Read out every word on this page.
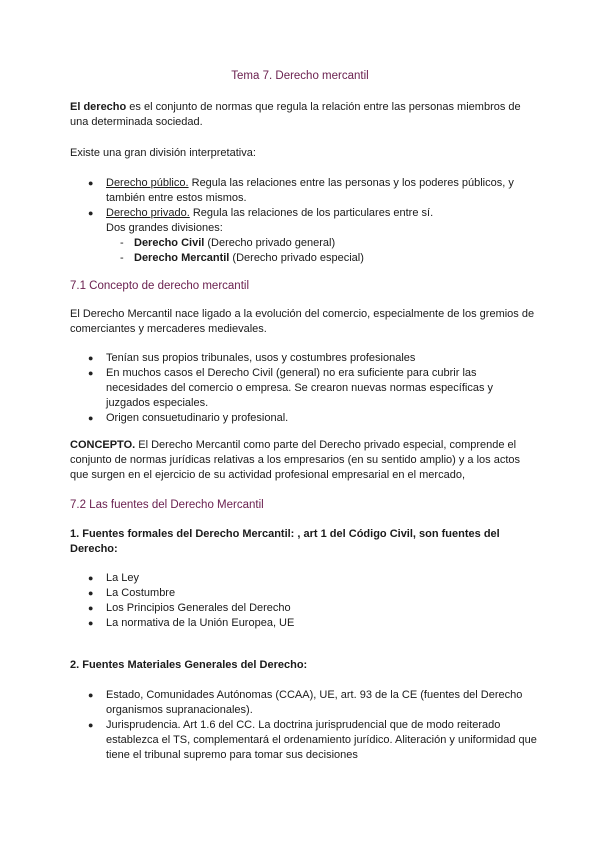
Tema 7. Derecho mercantil

El derecho es el conjunto de normas que regula la relación entre las personas miembros de una determinada sociedad.

Existe una gran división interpretativa:

● Derecho público. Regula las relaciones entre las personas y los poderes públicos, y también entre estos mismos.
● Derecho privado. Regula las relaciones de los particulares entre sí.
Dos grandes divisiones:
- Derecho Civil (Derecho privado general)
- Derecho Mercantil (Derecho privado especial)
7.1 Concepto de derecho mercantil

El Derecho Mercantil nace ligado a la evolución del comercio, especialmente de los gremios de comerciantes y mercaderes medievales.

● Tenían sus propios tribunales, usos y costumbres profesionales
● En muchos casos el Derecho Civil (general) no era suficiente para cubrir las necesidades del comercio o empresa. Se crearon nuevas normas específicas y juzgados especiales.
● Origen consuetudinario y profesional.

CONCEPTO. El Derecho Mercantil como parte del Derecho privado especial, comprende el conjunto de normas jurídicas relativas a los empresarios (en su sentido amplio) y a los actos que surgen en el ejercicio de su actividad profesional empresarial en el mercado,

7.2 Las fuentes del Derecho Mercantil
1. Fuentes formales del Derecho Mercantil: , art 1 del Código Civil, son fuentes del Derecho:
● La Ley
● La Costumbre
● Los Principios Generales del Derecho
● La normativa de la Unión Europea, UE
2. Fuentes Materiales Generales del Derecho:
● Estado, Comunidades Autónomas (CCAA), UE, art. 93 de la CE (fuentes del Derecho organismos supranacionales).
● Jurisprudencia. Art 1.6 del CC. La doctrina jurisprudencial que de modo reiterado establezca el TS, complementará el ordenamiento jurídico. Aliteración y uniformidad que tiene el tribunal supremo para tomar sus decisiones
